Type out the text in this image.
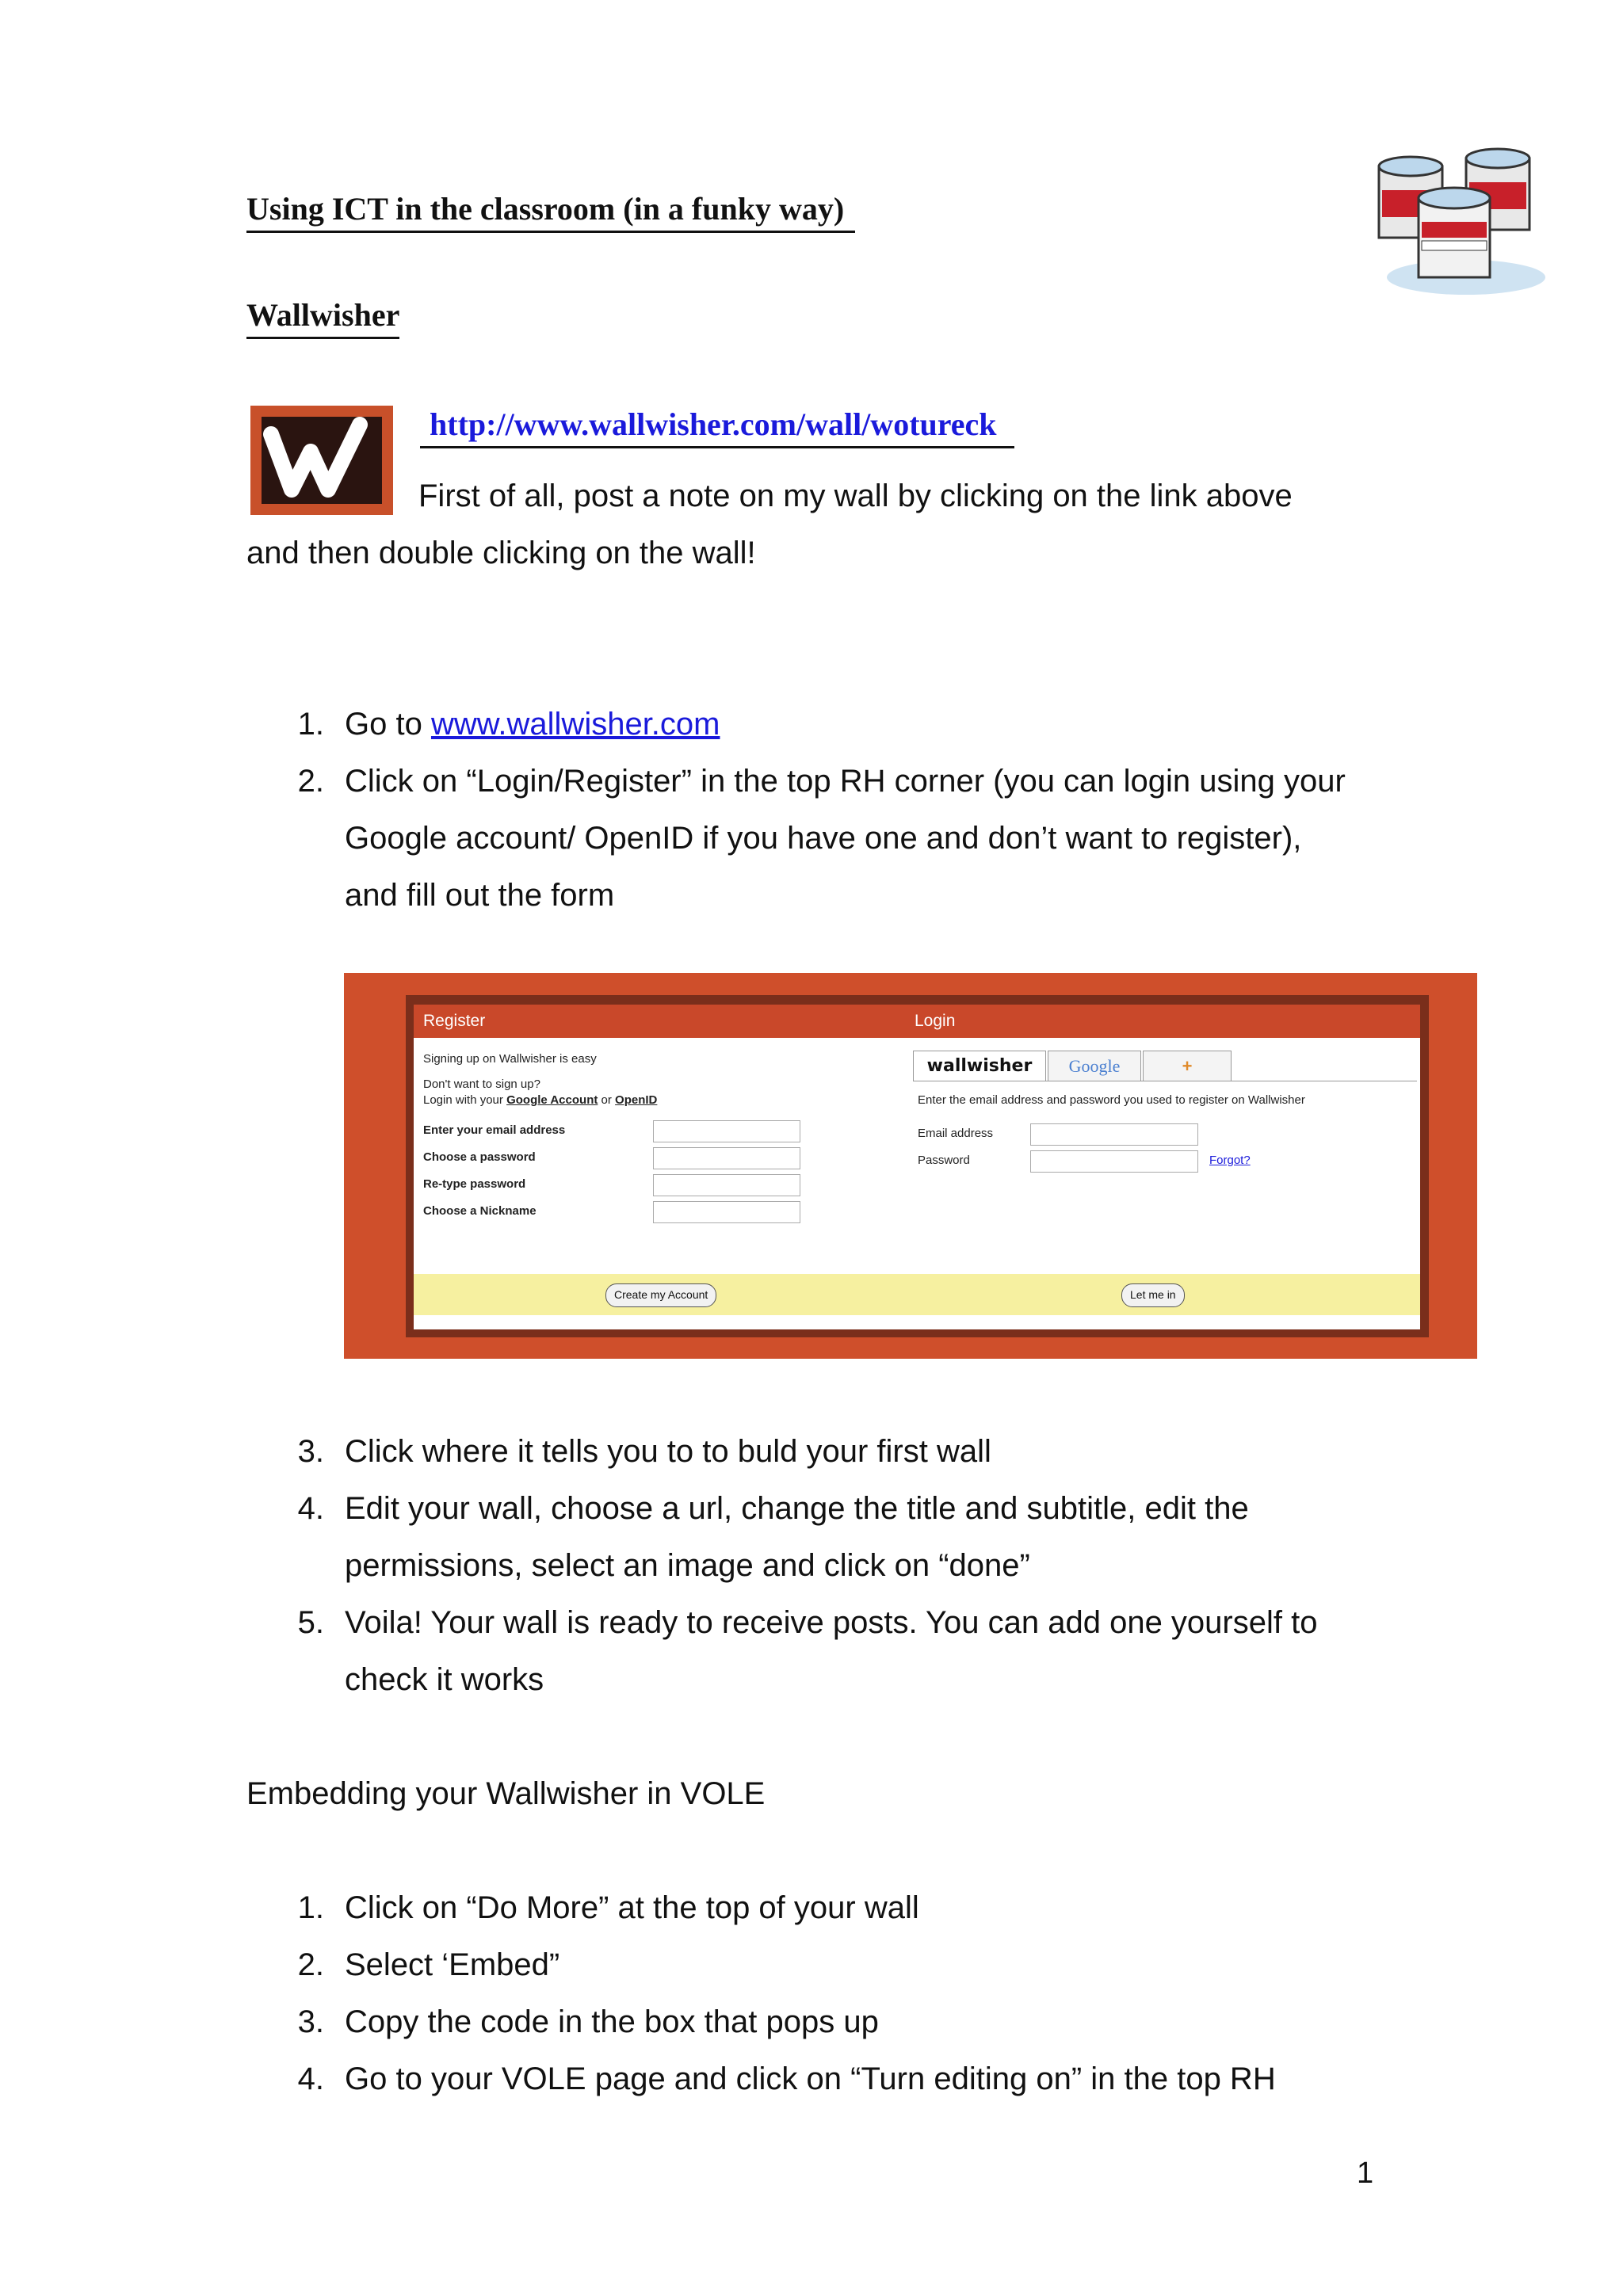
Using ICT in the classroom (in a funky way)
Wallwisher
http://www.wallwisher.com/wall/wotureck
First of all, post a note on my wall by clicking on the link above
and then double clicking on the wall!
1. Go to www.wallwisher.com
2. Click on “Login/Register” in the top RH corner (you can login using your
Google account/ OpenID if you have one and don’t want to register),
and fill out the form
Register	Login
Signing up on Wallwisher is easy
Don't want to sign up?
Login with your Google Account or OpenID
Enter your email address
Choose a password
Re-type password
Choose a Nickname
wallwisher	Google	+
Enter the email address and password you used to register on Wallwisher
Email address
Password	Forgot?
Create my Account	Let me in
3. Click where it tells you to to buld your first wall
4. Edit your wall, choose a url, change the title and subtitle, edit the
permissions, select an image and click on “done”
5. Voila! Your wall is ready to receive posts. You can add one yourself to
check it works
Embedding your Wallwisher in VOLE
1. Click on “Do More” at the top of your wall
2. Select ‘Embed”
3. Copy the code in the box that pops up
4. Go to your VOLE page and click on “Turn editing on” in the top RH
1
